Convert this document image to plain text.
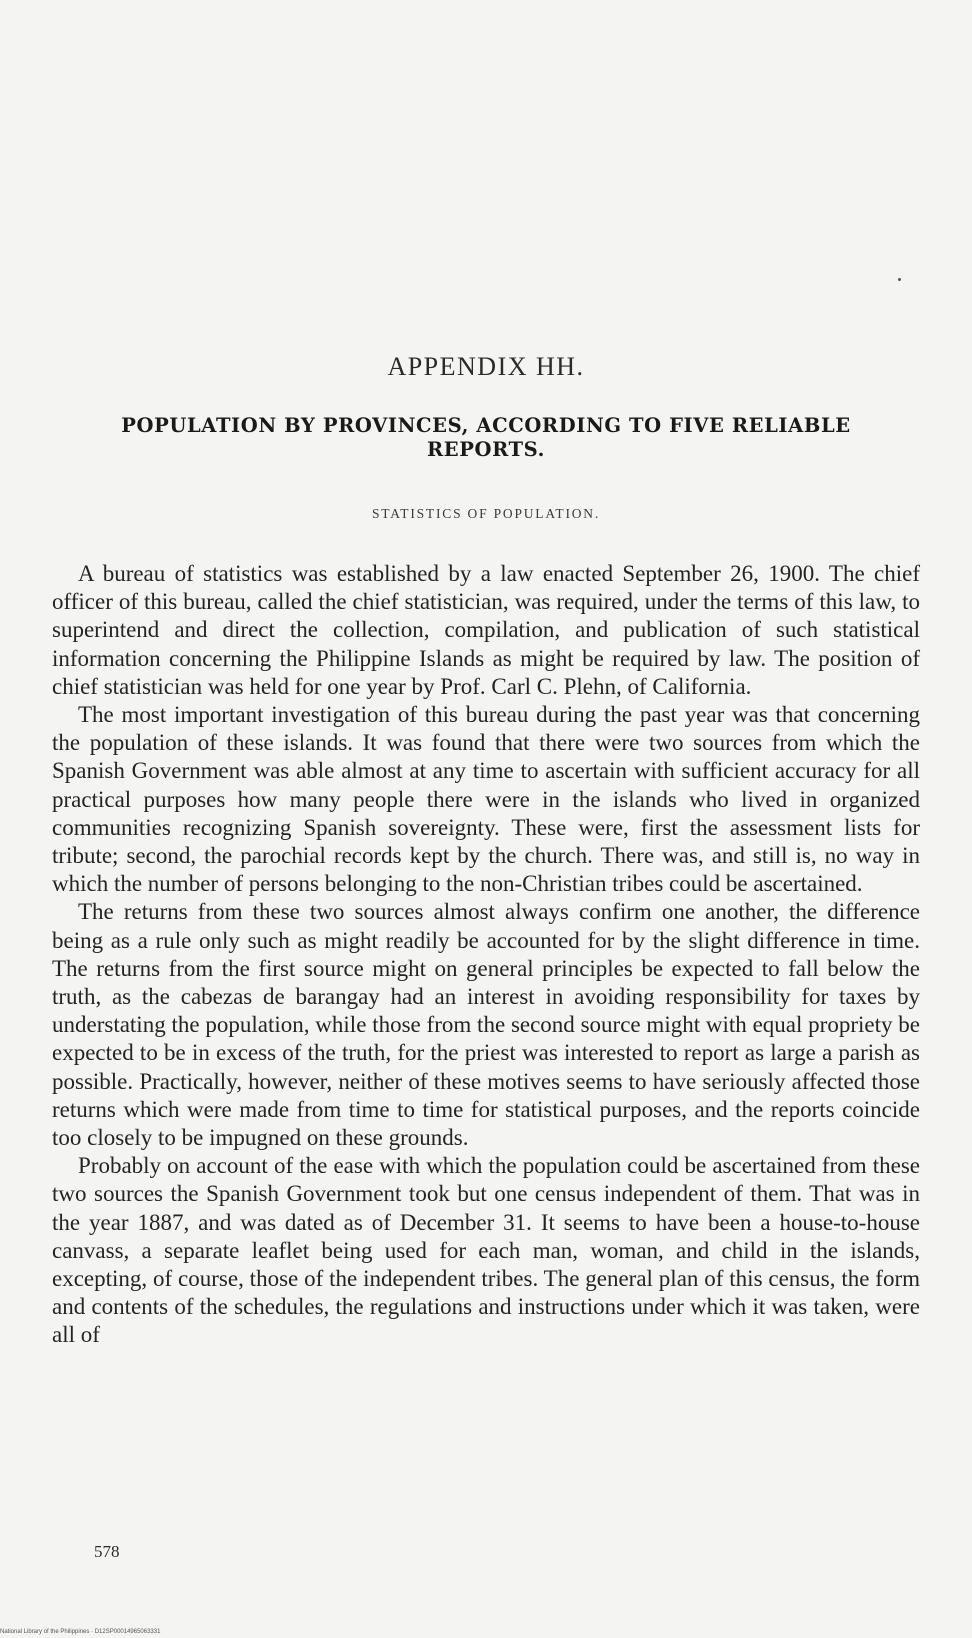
APPENDIX HH.
POPULATION BY PROVINCES, ACCORDING TO FIVE RELIABLE REPORTS.
STATISTICS OF POPULATION.

A bureau of statistics was established by a law enacted September 26, 1900. The chief officer of this bureau, called the chief statistician, was required, under the terms of this law, to superintend and direct the collection, compilation, and publication of such statistical information concerning the Philippine Islands as might be required by law. The position of chief statistician was held for one year by Prof. Carl C. Plehn, of California.

The most important investigation of this bureau during the past year was that concerning the population of these islands. It was found that there were two sources from which the Spanish Government was able almost at any time to ascertain with sufficient accuracy for all practical purposes how many people there were in the islands who lived in organized communities recognizing Spanish sovereignty. These were, first the assessment lists for tribute; second, the parochial records kept by the church. There was, and still is, no way in which the number of persons belonging to the non-Christian tribes could be ascertained.

The returns from these two sources almost always confirm one another, the difference being as a rule only such as might readily be accounted for by the slight difference in time. The returns from the first source might on general principles be expected to fall below the truth, as the cabezas de barangay had an interest in avoiding responsibility for taxes by understating the population, while those from the second source might with equal propriety be expected to be in excess of the truth, for the priest was interested to report as large a parish as possible. Practically, however, neither of these motives seems to have seriously affected those returns which were made from time to time for statistical purposes, and the reports coincide too closely to be impugned on these grounds.

Probably on account of the ease with which the population could be ascertained from these two sources the Spanish Government took but one census independent of them. That was in the year 1887, and was dated as of December 31. It seems to have been a house-to-house canvass, a separate leaflet being used for each man, woman, and child in the islands, excepting, of course, those of the independent tribes. The general plan of this census, the form and contents of the schedules, the regulations and instructions under which it was taken, were all of

578
National Library of the Philippines · D12SP00014965063331
